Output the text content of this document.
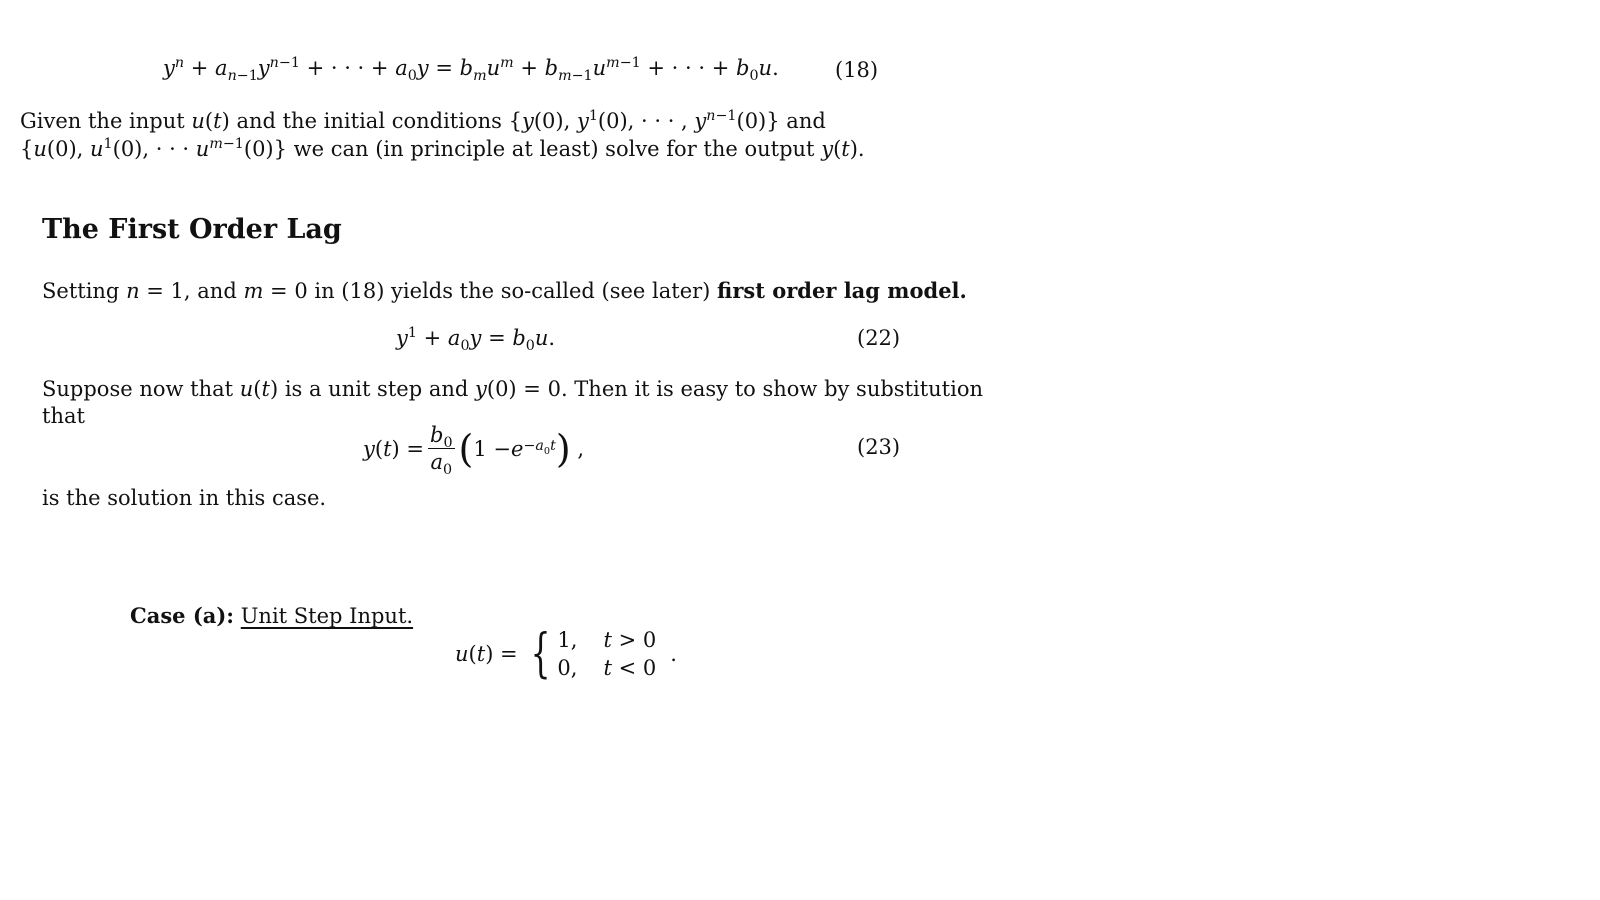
$y^n + a_{n-1}y^{n-1}$ + · · · + $a_0y = b_mu^m + b_{m-1}u^{m-1}$ + · · · + $b_0u$.	(18)
Given the input u(t) and the initial conditions {y(0), $y^1(0)$, · · · , $y^{n-1}(0)$} and
{u(0), $u^1(0)$, · · · $u^{m-1}(0)$} we can (in principle at least) solve for the output y(t).
The First Order Lag
Setting n = 1, and m = 0 in (18) yields the so-called (see later) first order lag model.
$y^1 + a_0y = b_0u$.	(22)
Suppose now that u(t) is a unit step and y(0) = 0. Then it is easy to show by substitution
that
y ( t ) = $\frac{b_0}{a_0}$ ( $1 - e -a_0t$ ) ,	(23)
is the solution in this case.
Case (a): Unit Step Input.
u ( t ) = { 1, t > 0
0, t < 0
.
